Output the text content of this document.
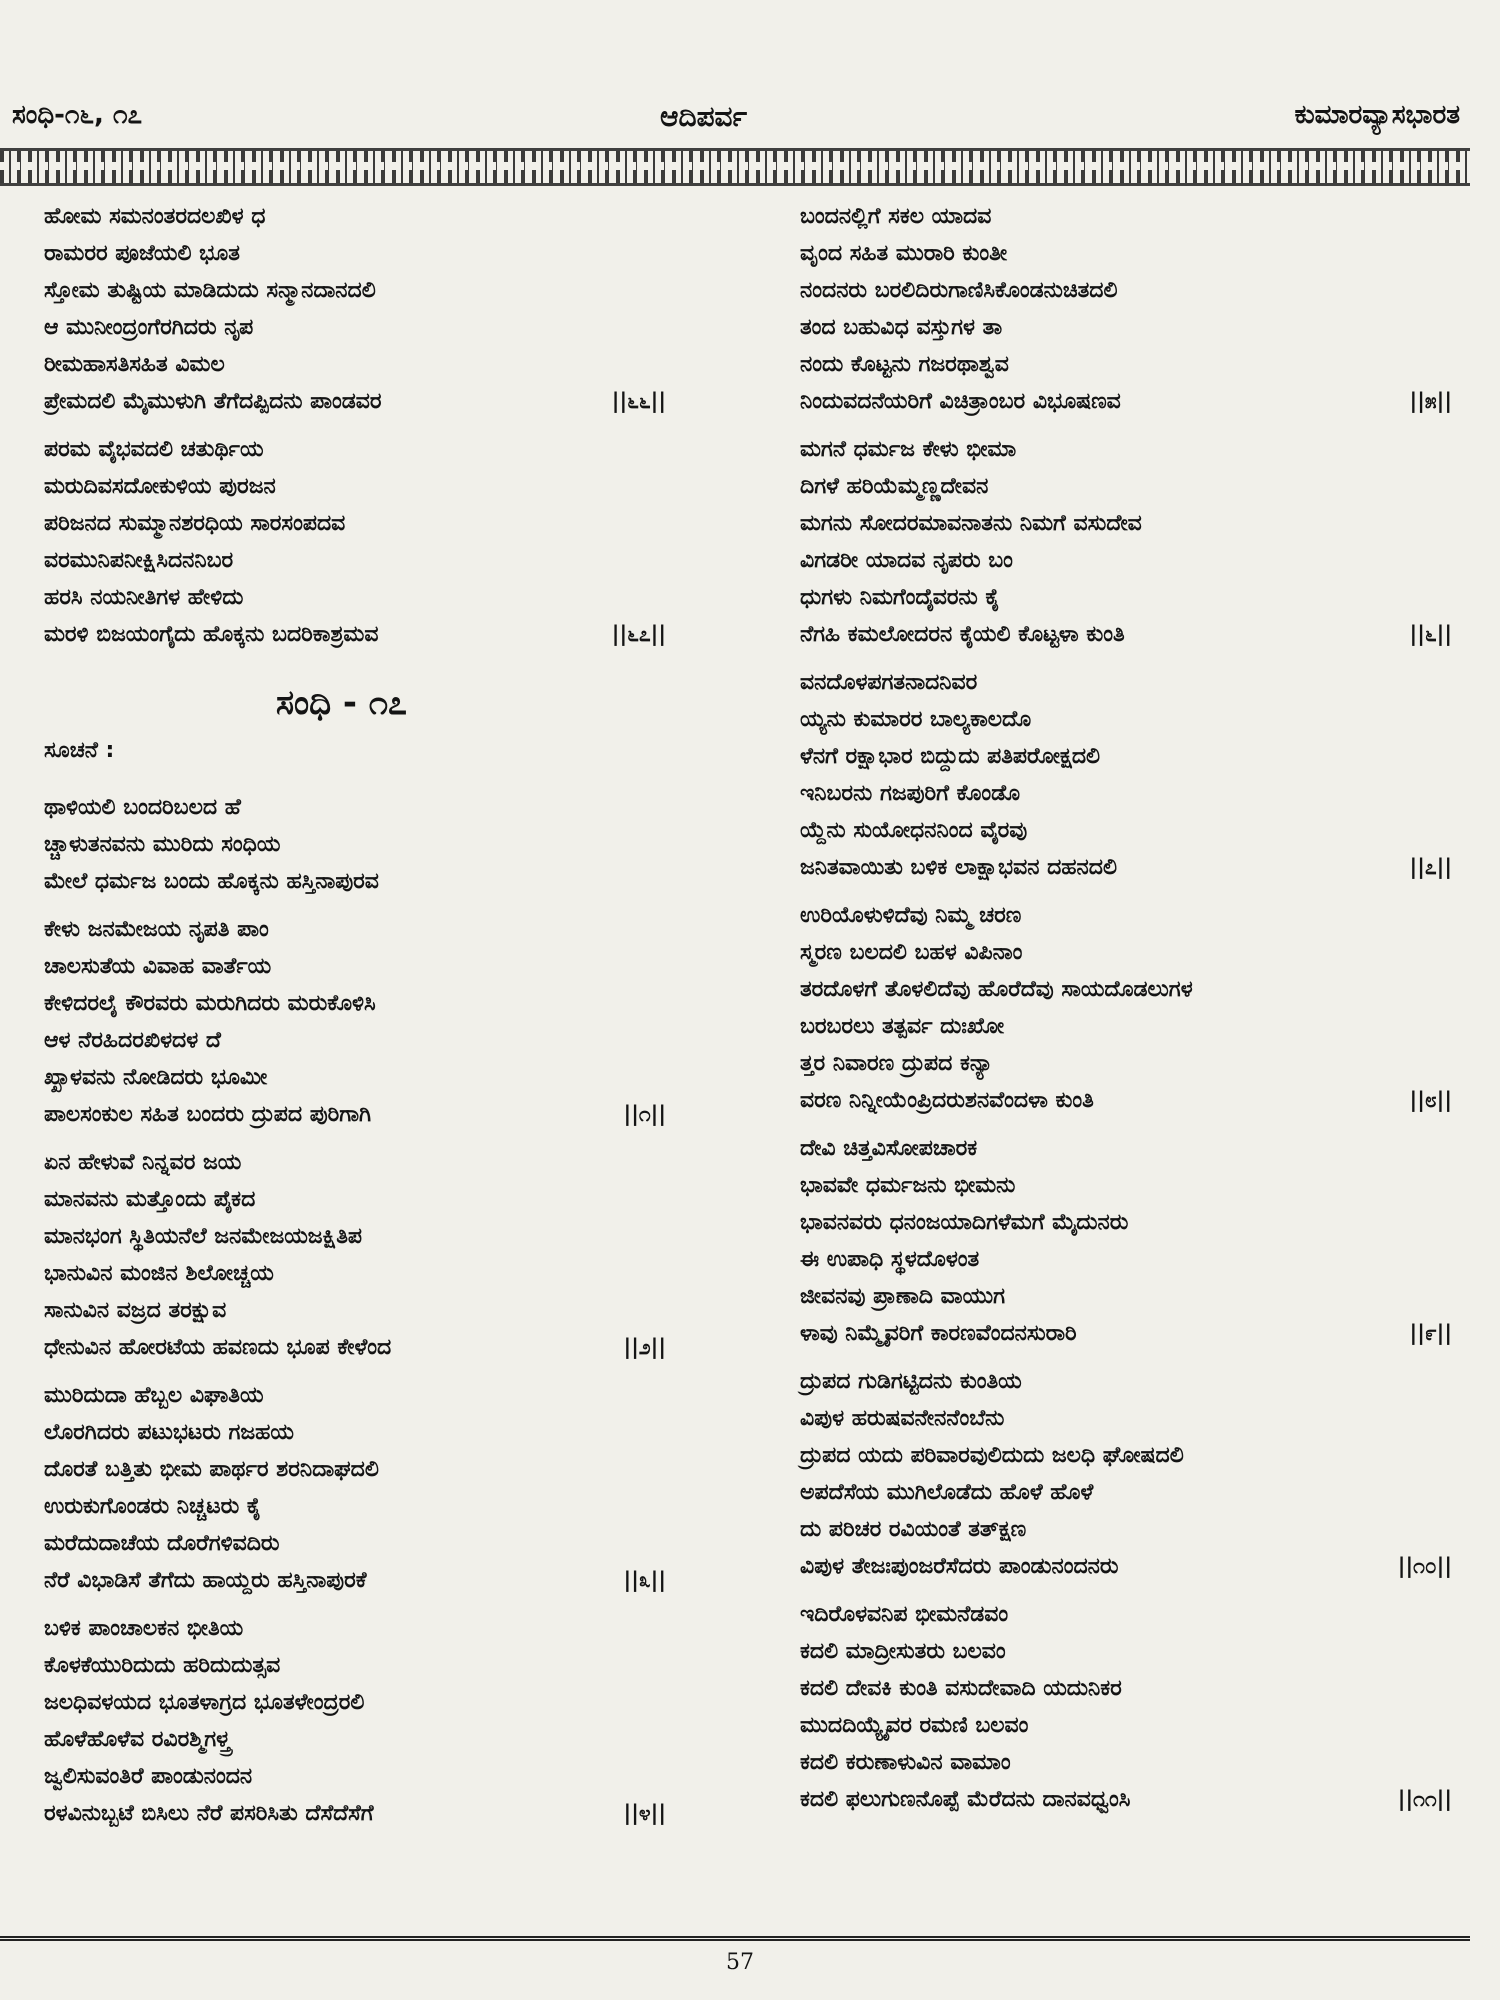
ಸಂಧಿ-೧೬, ೧೭	ಆದಿಪರ್ವ	ಕುಮಾರವ್ಯಾಸಭಾರತ
ಹೋಮ ಸಮನಂತರದಲಖಿಳ ಧ
ರಾಮರರ ಪೂಜೆಯಲಿ ಭೂತ
ಸ್ತೋಮ ತುಷ್ಟಿಯ ಮಾಡಿದುದು ಸನ್ಮಾನದಾನದಲಿ
ಆ ಮುನೀಂದ್ರಂಗೆರಗಿದರು ನೃಪ
ರೀಮಹಾಸತಿಸಹಿತ ವಿಮಲ
ಪ್ರೇಮದಲಿ ಮೈಮುಳುಗಿ ತೆಗೆದಪ್ಪಿದನು ಪಾಂಡವರ	||೬೬||
ಪರಮ ವೈಭವದಲಿ ಚತುರ್ಥಿಯ
ಮರುದಿವಸದೋಕುಳಿಯ ಪುರಜನ
ಪರಿಜನದ ಸುಮ್ಮಾನಶರಧಿಯ ಸಾರಸಂಪದವ
ವರಮುನಿಪನೀಕ್ಷಿಸಿದನನಿಬರ
ಹರಸಿ ನಯನೀತಿಗಳ ಹೇಳಿದು
ಮರಳಿ ಬಿಜಯಂಗೈದು ಹೊಕ್ಕನು ಬದರಿಕಾಶ್ರಮವ	||೬೭||
ಸಂಧಿ - ೧೭
ಸೂಚನೆ :
ಥಾಳಿಯಲಿ ಬಂದರಿಬಲದ ಹೆ
ಚ್ಚಾಳುತನವನು ಮುರಿದು ಸಂಧಿಯ
ಮೇಲೆ ಧರ್ಮಜ ಬಂದು ಹೊಕ್ಕನು ಹಸ್ತಿನಾಪುರವ
ಕೇಳು ಜನಮೇಜಯ ನೃಪತಿ ಪಾಂ
ಚಾಲಸುತೆಯ ವಿವಾಹ ವಾರ್ತೆಯ
ಕೇಳಿದರಲೈ ಕೌರವರು ಮರುಗಿದರು ಮರುಕೊಳಿಸಿ
ಆಳ ನೆರಹಿದರಖಿಳದಳ ದೆ
ಖ್ಖಾಳವನು ನೋಡಿದರು ಭೂಮೀ
ಪಾಲಸಂಕುಲ ಸಹಿತ ಬಂದರು ದ್ರುಪದ ಪುರಿಗಾಗಿ	||೧||
ಏನ ಹೇಳುವೆ ನಿನ್ನವರ ಜಯ
ಮಾನವನು ಮತ್ತೊಂದು ಪೈಕದ
ಮಾನಭಂಗ ಸ್ಥಿತಿಯನೆಲೆ ಜನಮೇಜಯಜಕ್ಷಿತಿಪ
ಭಾನುವಿನ ಮಂಜಿನ ಶಿಲೋಚ್ಚಯ
ಸಾನುವಿನ ವಜ್ರದ ತರಕ್ಷುವ
ಧೇನುವಿನ ಹೋರಟೆಯ ಹವಣದು ಭೂಪ ಕೇಳೆಂದ	||೨||
ಮುರಿದುದಾ ಹೆಬ್ಬಲ ವಿಘಾತಿಯ
ಲೊರಗಿದರು ಪಟುಭಟರು ಗಜಹಯ
ದೊರತೆ ಬತ್ತಿತು ಭೀಮ ಪಾರ್ಥರ ಶರನಿದಾಘದಲಿ
ಉರುಕುಗೊಂಡರು ನಿಚ್ಚಟರು ಕೈ
ಮರೆದುದಾಚೆಯ ದೊರೆಗಳಿವದಿರು
ನೆರೆ ವಿಭಾಡಿಸೆ ತೆಗೆದು ಹಾಯ್ದರು ಹಸ್ತಿನಾಪುರಕೆ	||೩||
ಬಳಿಕ ಪಾಂಚಾಲಕನ ಭೀತಿಯ
ಕೊಳಕೆಯುರಿದುದು ಹರಿದುದುತ್ಸವ
ಜಲಧಿವಳಯದ ಭೂತಳಾಗ್ರದ ಭೂತಳೇಂದ್ರರಲಿ
ಹೊಳೆಹೊಳೆವ ರವಿರಶ್ಮಿಗಳ್ತ್ರ
ಜ್ವಲಿಸುವಂತಿರೆ ಪಾಂಡುನಂದನ
ರಳವಿನುಬ್ಬಟೆ ಬಿಸಿಲು ನೆರೆ ಪಸರಿಸಿತು ದೆಸೆದೆಸೆಗೆ	||೪||
ಬಂದನಲ್ಲಿಗೆ ಸಕಲ ಯಾದವ
ವೃಂದ ಸಹಿತ ಮುರಾರಿ ಕುಂತೀ
ನಂದನರು ಬರಲಿದಿರುಗಾಣಿಸಿಕೊಂಡನುಚಿತದಲಿ
ತಂದ ಬಹುವಿಧ ವಸ್ತುಗಳ ತಾ
ನಂದು ಕೊಟ್ಟನು ಗಜರಥಾಶ್ವವ
ನಿಂದುವದನೆಯರಿಗೆ ವಿಚಿತ್ರಾಂಬರ ವಿಭೂಷಣವ	||೫||
ಮಗನೆ ಧರ್ಮಜ ಕೇಳು ಭೀಮಾ
ದಿಗಳೆ ಹರಿಯೆಮ್ಮಣ್ಣದೇವನ
ಮಗನು ಸೋದರಮಾವನಾತನು ನಿಮಗೆ ವಸುದೇವ
ವಿಗಡರೀ ಯಾದವ ನೃಪರು ಬಂ
ಧುಗಳು ನಿಮಗೆಂದೈವರನು ಕೈ
ನೆಗಹಿ ಕಮಲೋದರನ ಕೈಯಲಿ ಕೊಟ್ಟಳಾ ಕುಂತಿ	||೬||
ವನದೊಳಪಗತನಾದನಿವರ
ಯ್ಯನು ಕುಮಾರರ ಬಾಲ್ಯಕಾಲದೊ
ಳೆನಗೆ ರಕ್ಷಾಭಾರ ಬಿದ್ದುದು ಪತಿಪರೋಕ್ಷದಲಿ
ಇನಿಬರನು ಗಜಪುರಿಗೆ ಕೊಂಡೊ
ಯ್ದೆನು ಸುಯೋಧನನಿಂದ ವೈರವು
ಜನಿತವಾಯಿತು ಬಳಿಕ ಲಾಕ್ಷಾಭವನ ದಹನದಲಿ	||೭||
ಉರಿಯೊಳುಳಿದೆವು ನಿಮ್ಮ ಚರಣ
ಸ್ಮರಣ ಬಲದಲಿ ಬಹಳ ವಿಪಿನಾಂ
ತರದೊಳಗೆ ತೊಳಲಿದೆವು ಹೊರೆದೆವು ಸಾಯದೊಡಲುಗಳ
ಬರಬರಲು ತತ್ಪರ್ವ ದುಃಖೋ
ತ್ತರ ನಿವಾರಣ ದ್ರುಪದ ಕನ್ಯಾ
ವರಣ ನಿನ್ನೀಯೆಂಪ್ರಿದರುಶನವೆಂದಳಾ ಕುಂತಿ	||೮||
ದೇವಿ ಚಿತ್ತವಿಸೋಪಚಾರಕ
ಭಾವವೇ ಧರ್ಮಜನು ಭೀಮನು
ಭಾವನವರು ಧನಂಜಯಾದಿಗಳೆಮಗೆ ಮೈದುನರು
ಈ ಉಪಾಧಿ ಸ್ಥಳದೊಳಂತ
ಜೀವನವು ಪ್ರಾಣಾದಿ ವಾಯುಗ
ಳಾವು ನಿಮ್ಮೈವರಿಗೆ ಕಾರಣವೆಂದನಸುರಾರಿ	||೯||
ದ್ರುಪದ ಗುಡಿಗಟ್ಟಿದನು ಕುಂತಿಯ
ವಿಪುಳ ಹರುಷವನೇನನೆಂಬೆನು
ದ್ರುಪದ ಯದು ಪರಿವಾರವುಲಿದುದು ಜಲಧಿ ಘೋಷದಲಿ
ಅಪದೆಸೆಯ ಮುಗಿಲೊಡೆದು ಹೊಳೆ ಹೊಳೆ
ದು ಪರಿಚರ ರವಿಯಂತೆ ತತ್ಕ್ಷಣ
ವಿಪುಳ ತೇಜಃಪುಂಜರೆಸೆದರು ಪಾಂಡುನಂದನರು	||೧೦||
ಇದಿರೊಳವನಿಪ ಭೀಮನೆಡವಂ
ಕದಲಿ ಮಾದ್ರೀಸುತರು ಬಲವಂ
ಕದಲಿ ದೇವಕಿ ಕುಂತಿ ವಸುದೇವಾದಿ ಯದುನಿಕರ
ಮುದದಿಯ್ಯೈವರ ರಮಣಿ ಬಲವಂ
ಕದಲಿ ಕರುಣಾಳುವಿನ ವಾಮಾಂ
ಕದಲಿ ಫಲುಗುಣನೊಪ್ಪೆ ಮೆರೆದನು ದಾನವಧ್ವಂಸಿ	||೧೧||
57
